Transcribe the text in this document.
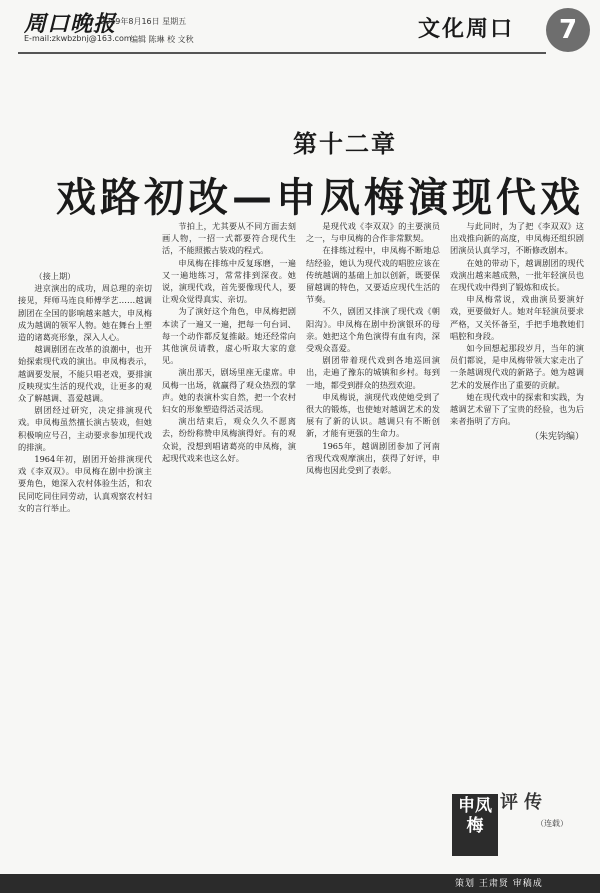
周口晚报
2019年8月16日 星期五
E-mail:zkwbzbnj@163.com
编辑 陈琳 校 文秋	文化周口	7
第十二章
戏路初改—申凤梅演现代戏

（接上期）

进京演出的成功，周总理的亲切接见，拜师马连良师傅学艺……越调剧团在全国的影响越来越大，申凤梅成为越调的领军人物。她在舞台上塑造的诸葛亮形象，深入人心。

越调剧团在改革的浪潮中，也开始探索现代戏的演出。申凤梅表示，越调要发展，不能只唱老戏，要排演反映现实生活的现代戏，让更多的观众了解越调、喜爱越调。

剧团经过研究，决定排演现代戏。申凤梅虽然擅长演古装戏，但她积极响应号召，主动要求参加现代戏的排演。

1964年初，剧团开始排演现代戏《李双双》。申凤梅在剧中扮演主要角色，她深入农村体验生活，和农民同吃同住同劳动，认真观察农村妇女的言行举止。

节拍上，尤其要从不同方面去刻画人物，一招一式都要符合现代生活，不能照搬古装戏的程式。

申凤梅在排练中反复琢磨，一遍又一遍地练习，常常排到深夜。她说，演现代戏，首先要像现代人，要让观众觉得真实、亲切。

为了演好这个角色，申凤梅把剧本读了一遍又一遍，把每一句台词、每一个动作都反复推敲。她还经常向其他演员请教，虚心听取大家的意见。

演出那天，剧场里座无虚席。申凤梅一出场，就赢得了观众热烈的掌声。她的表演朴实自然，把一个农村妇女的形象塑造得活灵活现。

演出结束后，观众久久不愿离去，纷纷称赞申凤梅演得好。有的观众说，没想到唱诸葛亮的申凤梅，演起现代戏来也这么好。

是现代戏《李双双》的主要演员之一，与申凤梅的合作非常默契。

在排练过程中，申凤梅不断地总结经验，她认为现代戏的唱腔应该在传统越调的基础上加以创新，既要保留越调的特色，又要适应现代生活的节奏。

不久，剧团又排演了现代戏《朝阳沟》。申凤梅在剧中扮演银环的母亲。她把这个角色演得有血有肉，深受观众喜爱。

剧团带着现代戏到各地巡回演出，走遍了豫东的城镇和乡村。每到一地，都受到群众的热烈欢迎。

申凤梅说，演现代戏使她受到了很大的锻炼，也使她对越调艺术的发展有了新的认识。越调只有不断创新，才能有更强的生命力。

1965年，越调剧团参加了河南省现代戏观摩演出，获得了好评，申凤梅也因此受到了表彰。

与此同时，为了把《李双双》这出戏推向新的高度，申凤梅还组织剧团演员认真学习，不断修改剧本。

在她的带动下，越调剧团的现代戏演出越来越成熟，一批年轻演员也在现代戏中得到了锻炼和成长。

申凤梅常说，戏曲演员要演好戏，更要做好人。她对年轻演员要求严格，又关怀备至，手把手地教她们唱腔和身段。

如今回想起那段岁月，当年的演员们都说，是申凤梅带领大家走出了一条越调现代戏的新路子。她为越调艺术的发展作出了重要的贡献。

她在现代戏中的探索和实践，为越调艺术留下了宝贵的经验，也为后来者指明了方向。

（朱宪钧编）
申凤梅
评传
（连载）
策划 王肃贤 审稿成
